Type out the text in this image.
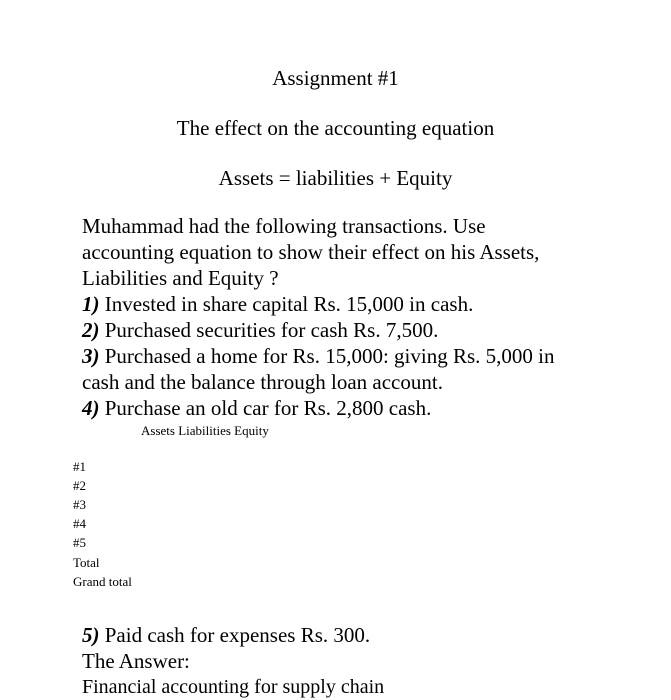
Assignment #1
The effect on the accounting equation
Assets = liabilities + Equity
Muhammad had the following transactions. Use
accounting equation to show their effect on his Assets,
Liabilities and Equity ?
1) Invested in share capital Rs. 15,000 in cash.
2) Purchased securities for cash Rs. 7,500.
3) Purchased a home for Rs. 15,000: giving Rs. 5,000 in
cash and the balance through loan account.
4) Purchase an old car for Rs. 2,800 cash.
Assets Liabilities Equity
#1
#2
#3
#4
#5
Total
Grand total
5) Paid cash for expenses Rs. 300.
The Answer:
Financial accounting for supply chain
